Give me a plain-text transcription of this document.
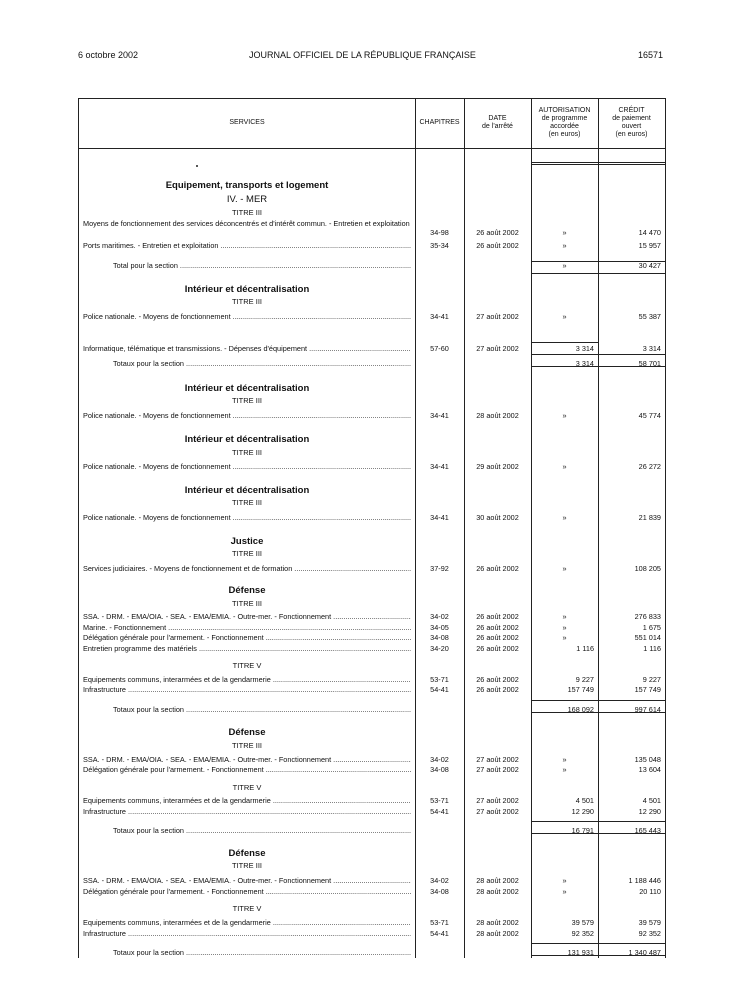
6 octobre 2002	JOURNAL OFFICIEL DE LA RÉPUBLIQUE FRANÇAISE	16571
SERVICES	CHAPITRES
DATE
de l'arrêté
AUTORISATION
de programme
accordée
(en euros)
CRÉDIT
de paiement
ouvert
(en euros)
Equipement, transports et logement
IV. - MER
TITRE III
Moyens de fonctionnement des services déconcentrés et d'intérêt commun. - Entretien et exploitation
34-98	26 août 2002	»	14 470
Ports maritimes. - Entretien et exploitation .....	35-34	26 août 2002	»	15 957
Total pour la section .....	»	30 427
Intérieur et décentralisation
TITRE III
Police nationale. - Moyens de fonctionnement .....	34-41	27 août 2002	»	55 387
Informatique, télématique et transmissions. - Dépenses d'équipement .....	57-60	27 août 2002	3 314	3 314
Totaux pour la section .....	3 314	58 701
Intérieur et décentralisation
TITRE III
Police nationale. - Moyens de fonctionnement .....	34-41	28 août 2002	»	45 774
Intérieur et décentralisation
TITRE III
Police nationale. - Moyens de fonctionnement .....	34-41	29 août 2002	»	26 272
Intérieur et décentralisation
TITRE III
Police nationale. - Moyens de fonctionnement .....	34-41	30 août 2002	»	21 839
Justice
TITRE III
Services judiciaires. - Moyens de fonctionnement et de formation .....	37-92	26 août 2002	»	108 205
Défense
TITRE III
SSA. - DRM. - EMA/OIA. - SEA. - EMA/EMIA. - Outre-mer. - Fonctionnement .....	34-02	26 août 2002	»	276 833
Marine. - Fonctionnement .....	34-05	26 août 2002	»	1 675
Délégation générale pour l'armement. - Fonctionnement .....	34-08	26 août 2002	»	551 014
Entretien programme des matériels .....	34-20	26 août 2002	1 116	1 116
TITRE V
Equipements communs, interarmées et de la gendarmerie .....	53-71	26 août 2002	9 227	9 227
Infrastructure .....	54-41	26 août 2002	157 749	157 749
Totaux pour la section .....	168 092	997 614
Défense
TITRE III
SSA. - DRM. - EMA/OIA. - SEA. - EMA/EMIA. - Outre-mer. - Fonctionnement .....	34-02	27 août 2002	»	135 048
Délégation générale pour l'armement. - Fonctionnement .....	34-08	27 août 2002	»	13 604
TITRE V
Equipements communs, interarmées et de la gendarmerie .....	53-71	27 août 2002	4 501	4 501
Infrastructure .....	54-41	27 août 2002	12 290	12 290
Totaux pour la section .....	16 791	165 443
Défense
TITRE III
SSA. - DRM. - EMA/OIA. - SEA. - EMA/EMIA. - Outre-mer. - Fonctionnement .....	34-02	28 août 2002	»	1 188 446
Délégation générale pour l'armement. - Fonctionnement .....	34-08	28 août 2002	»	20 110
TITRE V
Equipements communs, interarmées et de la gendarmerie .....	53-71	28 août 2002	39 579	39 579
Infrastructure .....	54-41	28 août 2002	92 352	92 352
Totaux pour la section .....	131 931	1 340 487
